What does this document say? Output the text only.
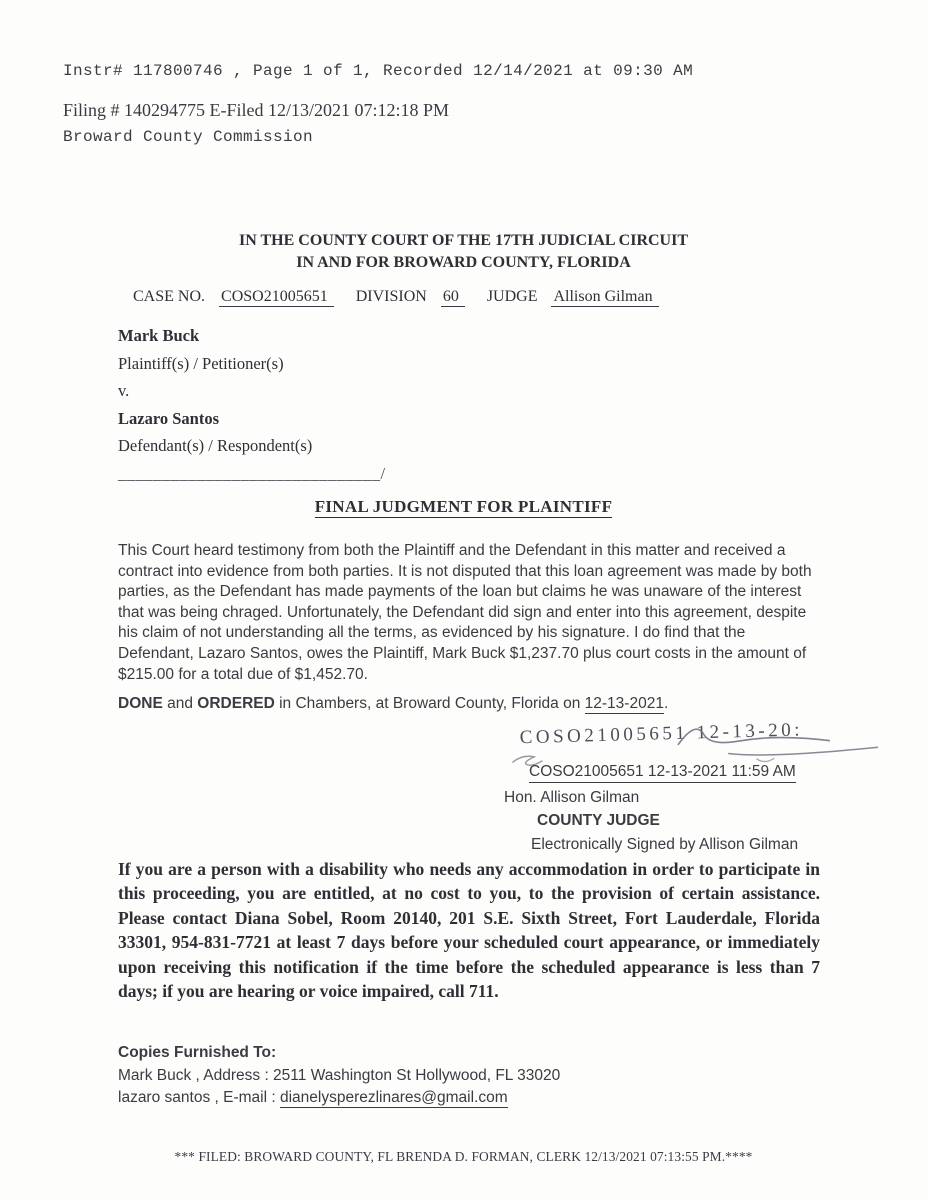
Instr# 117800746 , Page 1 of 1, Recorded 12/14/2021 at 09:30 AM

Broward County Commission

Filing # 140294775 E-Filed 12/13/2021 07:12:18 PM
IN THE COUNTY COURT OF THE 17TH JUDICIAL CIRCUIT
IN AND FOR BROWARD COUNTY, FLORIDA
CASE NO. COSO21005651 DIVISION 60 JUDGE Allison Gilman
Mark Buck
Plaintiff(s) / Petitioner(s)
v.
Lazaro Santos
Defendant(s) / Respondent(s)
______________________________/
FINAL JUDGMENT FOR PLAINTIFF
This Court heard testimony from both the Plaintiff and the Defendant in this matter and received a contract into evidence from both parties. It is not disputed that this loan agreement was made by both parties, as the Defendant has made payments of the loan but claims he was unaware of the interest that was being chraged. Unfortunately, the Defendant did sign and enter into this agreement, despite his claim of not understanding all the terms, as evidenced by his signature. I do find that the Defendant, Lazaro Santos, owes the Plaintiff, Mark Buck $1,237.70 plus court costs in the amount of $215.00 for a total due of $1,452.70.
DONE and ORDERED in Chambers, at Broward County, Florida on 12-13-2021.
COSO21005651 12-13-20:
COSO21005651 12-13-2021 11:59 AM
Hon. Allison Gilman
COUNTY JUDGE
Electronically Signed by Allison Gilman
If you are a person with a disability who needs any accommodation in order to participate in this proceeding, you are entitled, at no cost to you, to the provision of certain assistance. Please contact Diana Sobel, Room 20140, 201 S.E. Sixth Street, Fort Lauderdale, Florida 33301, 954-831-7721 at least 7 days before your scheduled court appearance, or immediately upon receiving this notification if the time before the scheduled appearance is less than 7 days; if you are hearing or voice impaired, call 711.
Copies Furnished To:
Mark Buck , Address : 2511 Washington St Hollywood, FL 33020
lazaro santos , E-mail : dianelysperezlinares@gmail.com
*** FILED: BROWARD COUNTY, FL BRENDA D. FORMAN, CLERK 12/13/2021 07:13:55 PM.****
